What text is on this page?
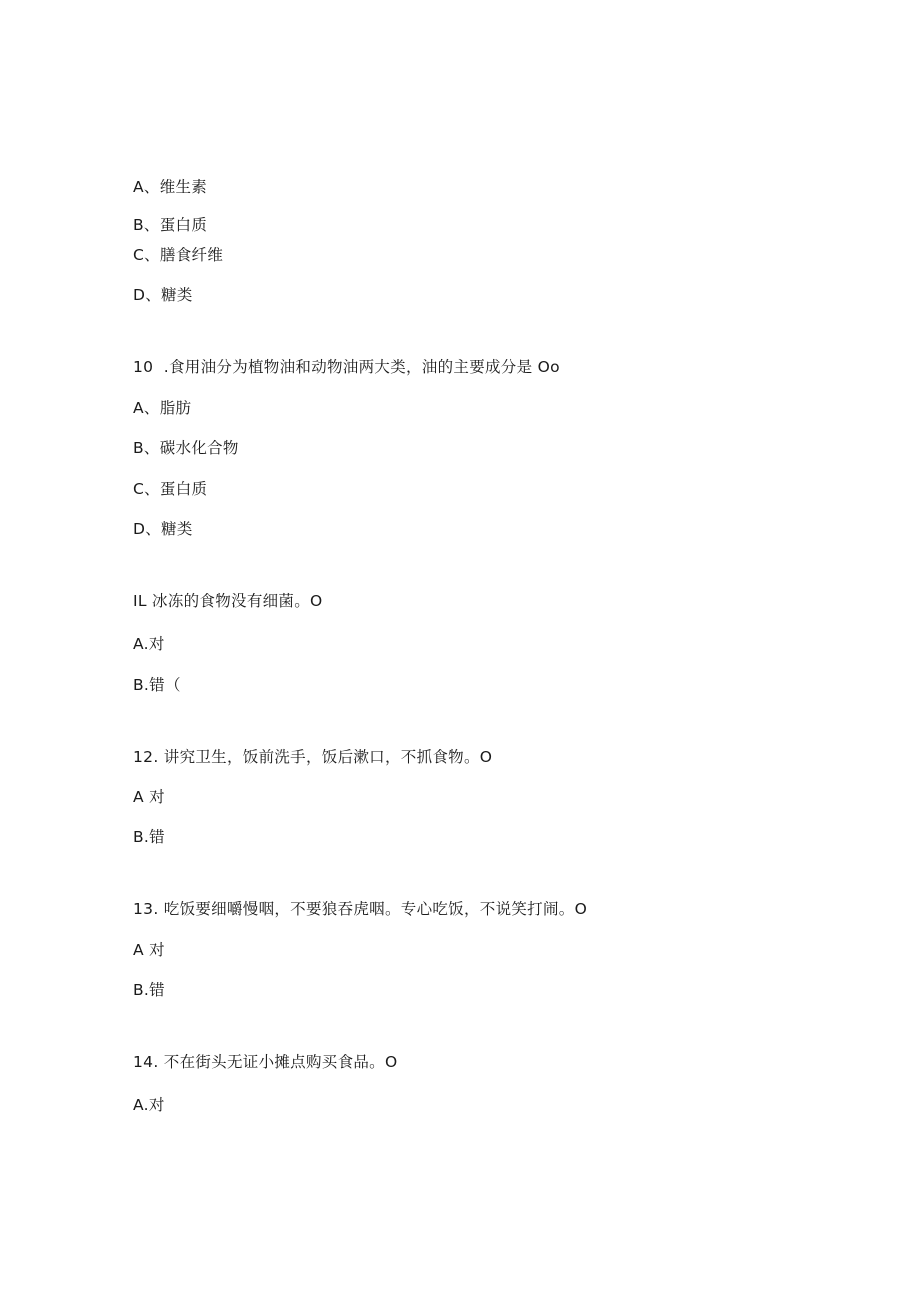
A、维生素
B、蛋白质
C、膳食纤维
D、糖类
10  .食用油分为植物油和动物油两大类，油的主要成分是 Oo
A、脂肪
B、碳水化合物
C、蛋白质
D、糖类
IL 冰冻的食物没有细菌。O
A.对
B.错（
12. 讲究卫生，饭前洗手，饭后漱口，不抓食物。O
A 对
B.错
13. 吃饭要细嚼慢咽，不要狼吞虎咽。专心吃饭，不说笑打闹。O
A 对
B.错
14. 不在街头无证小摊点购买食品。O
A.对
